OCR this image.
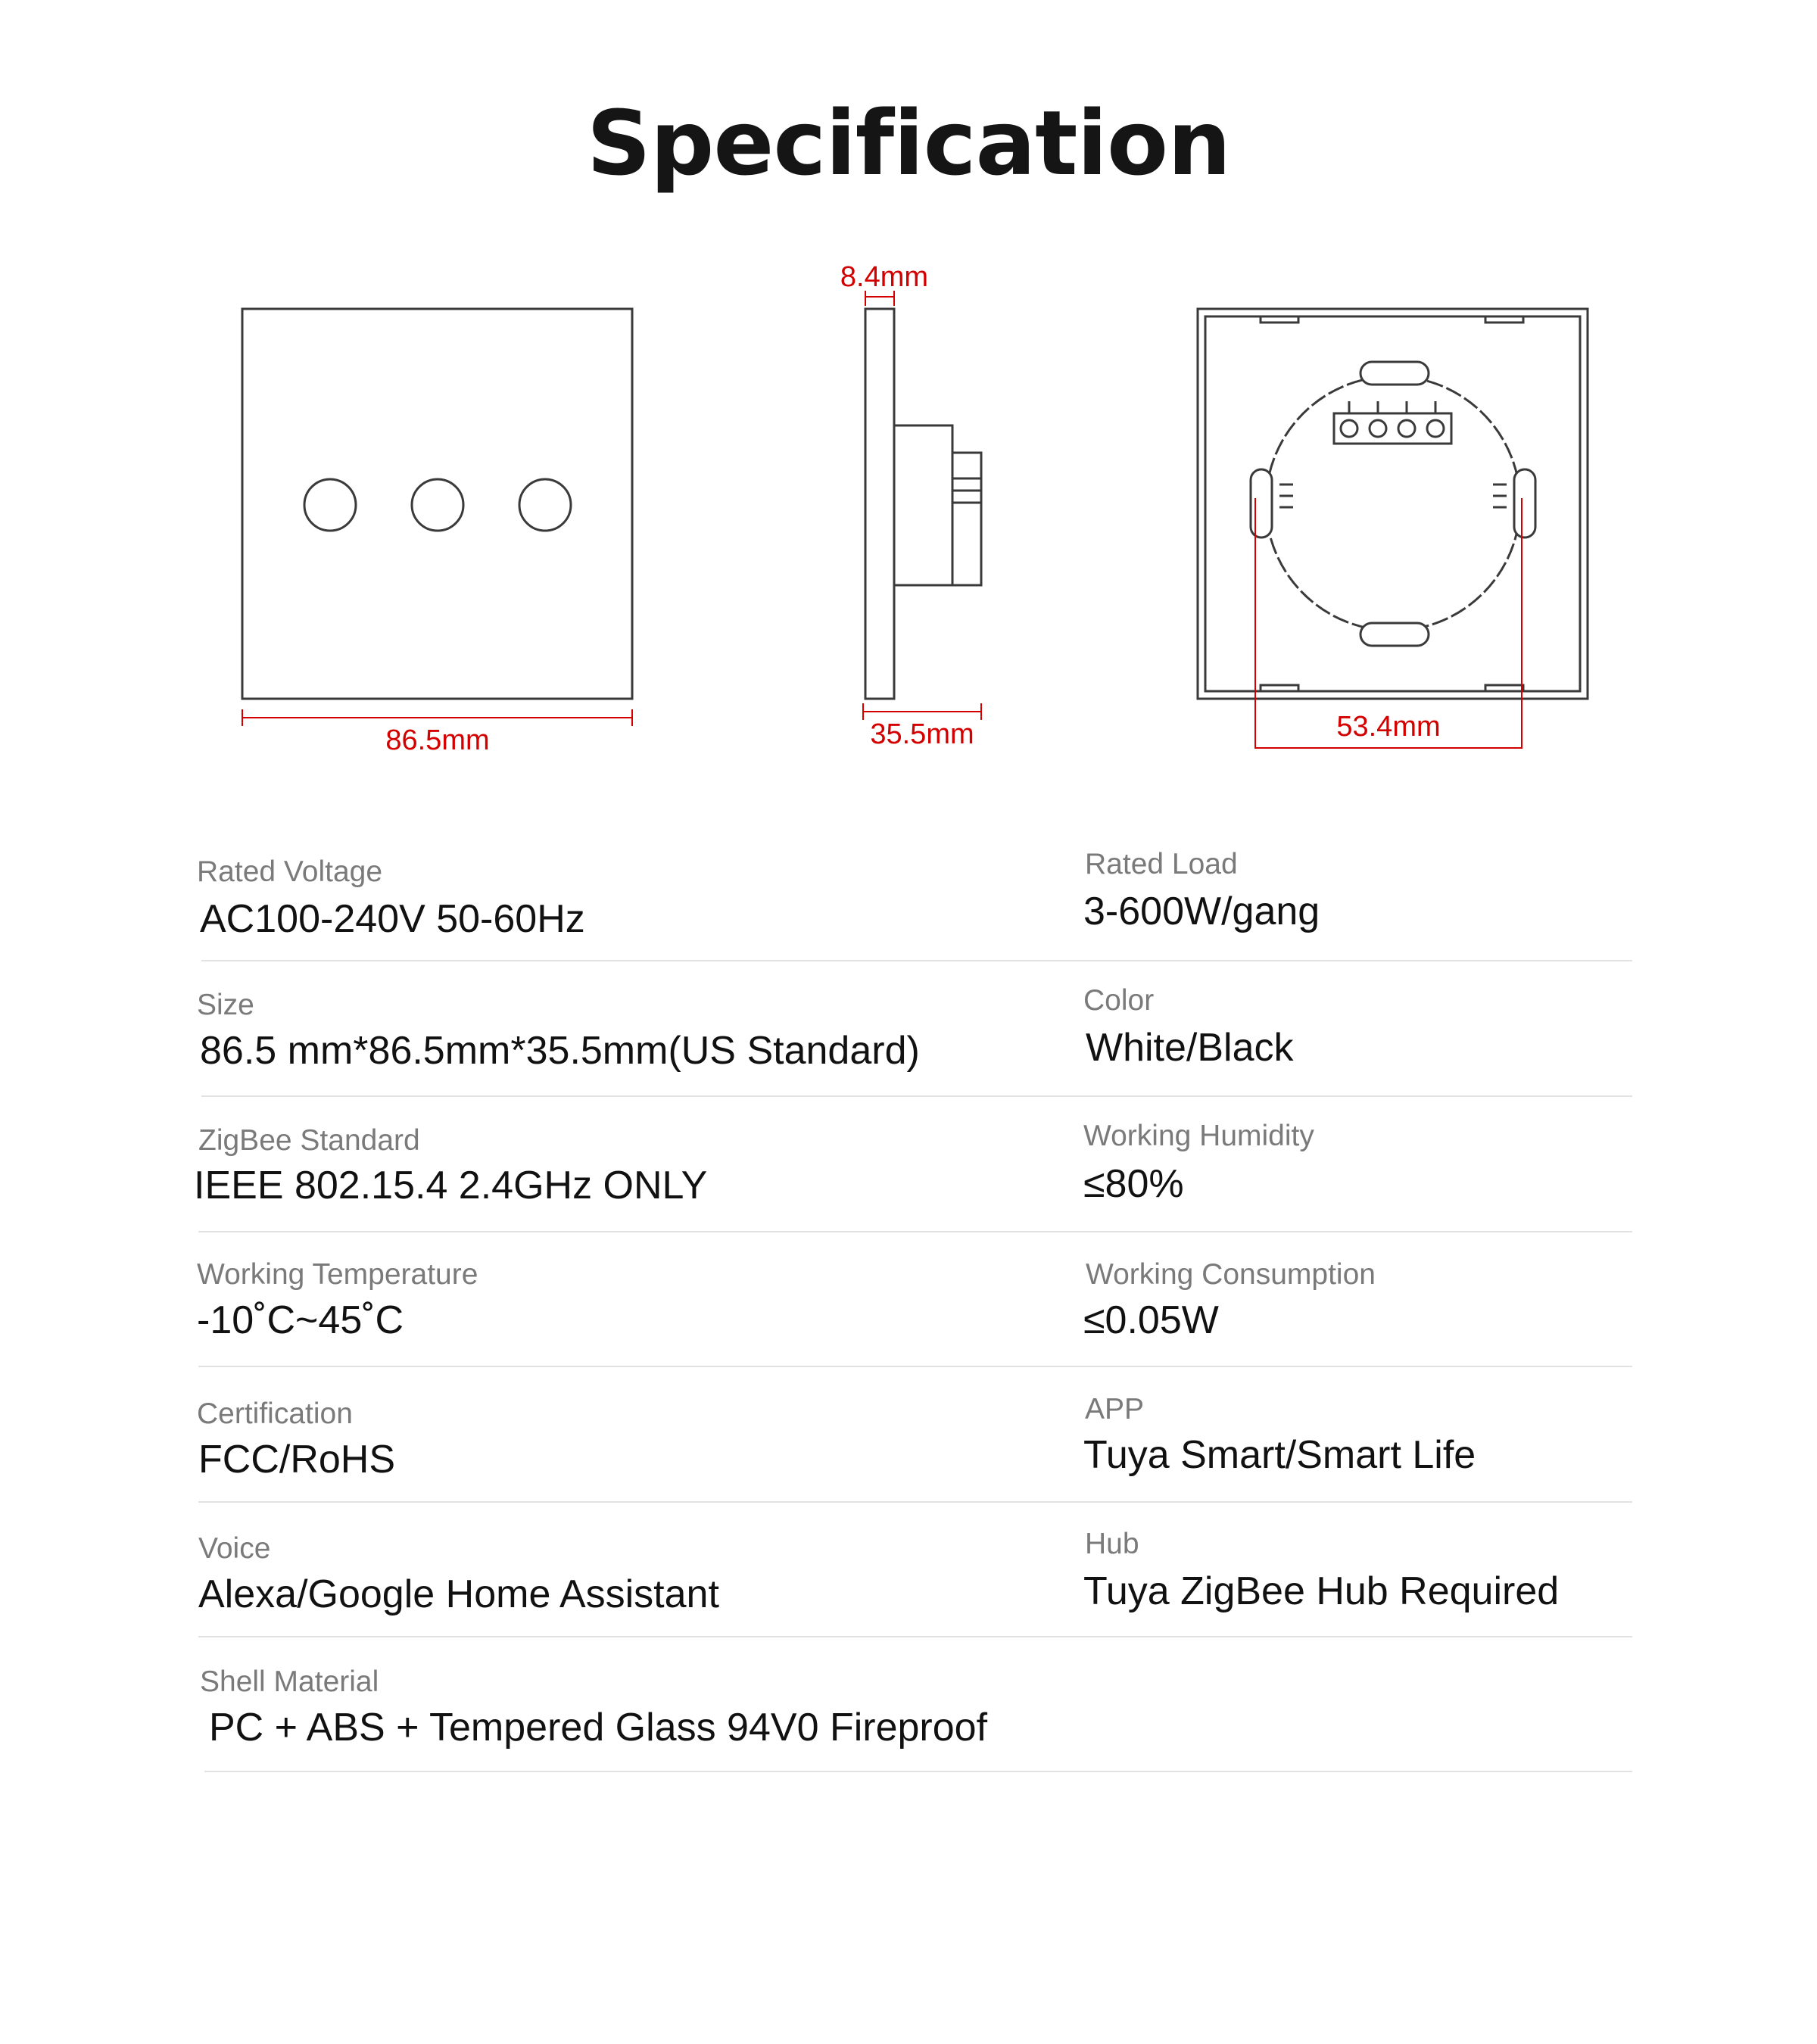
Specification
86.5mm
8.4mm
35.5mm	53.4mm
Rated Voltage
AC100-240V 50-60Hz
Rated Load
3-600W/gang
Size
86.5 mm*86.5mm*35.5mm(US Standard)
Color
White/Black
ZigBee Standard
IEEE 802.15.4 2.4GHz ONLY
Working Humidity
≤80%
Working Temperature
-10˚C~45˚C
Working Consumption
≤0.05W
Certification
FCC/RoHS
APP
Tuya Smart/Smart Life
Voice
Alexa/Google Home Assistant
Hub
Tuya ZigBee Hub Required
Shell Material
PC + ABS + Tempered Glass 94V0 Fireproof
